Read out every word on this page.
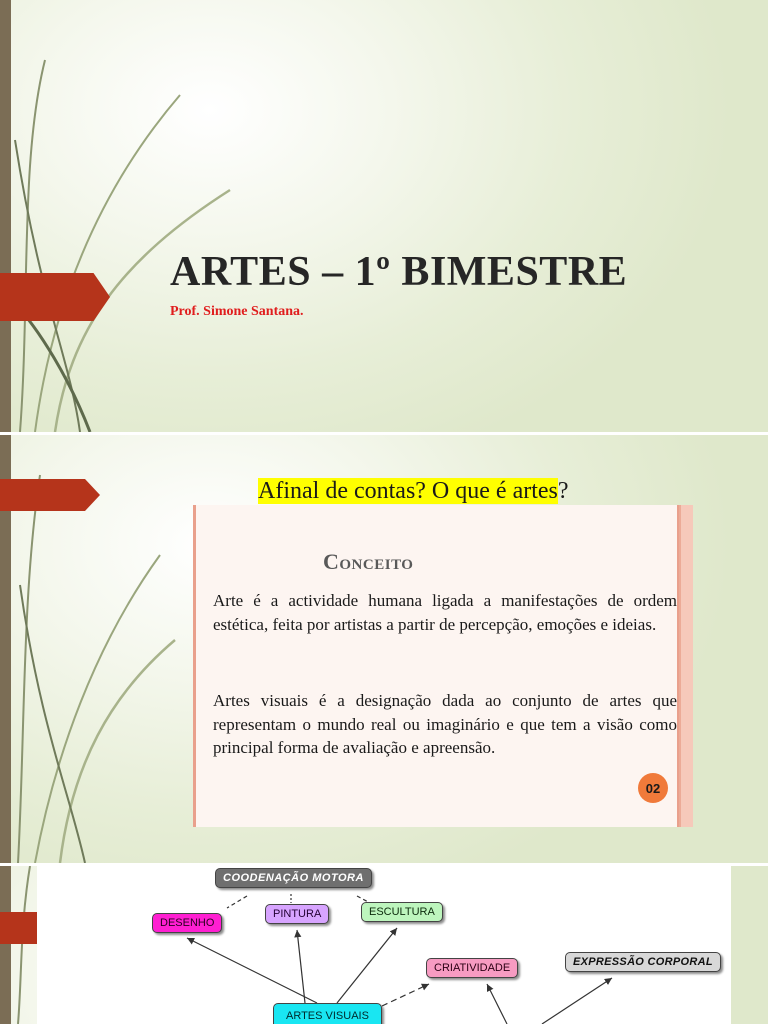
ARTES – 1º BIMESTRE

Prof. Simone Santana.

Afinal de contas? O que é artes?
Conceito

Arte é a actividade humana ligada a manifestações de ordem estética, feita por artistas a partir de percepção, emoções e ideias.

Artes visuais é a designação dada ao conjunto de artes que representam o mundo real ou imaginário e que tem a visão como principal forma de avaliação e apreensão.

02
COODENAÇÃO MOTORA
DESENHO
PINTURA	ESCULTURA
CRIATIVIDADE	EXPRESSÃO CORPORAL
ARTES VISUAIS
